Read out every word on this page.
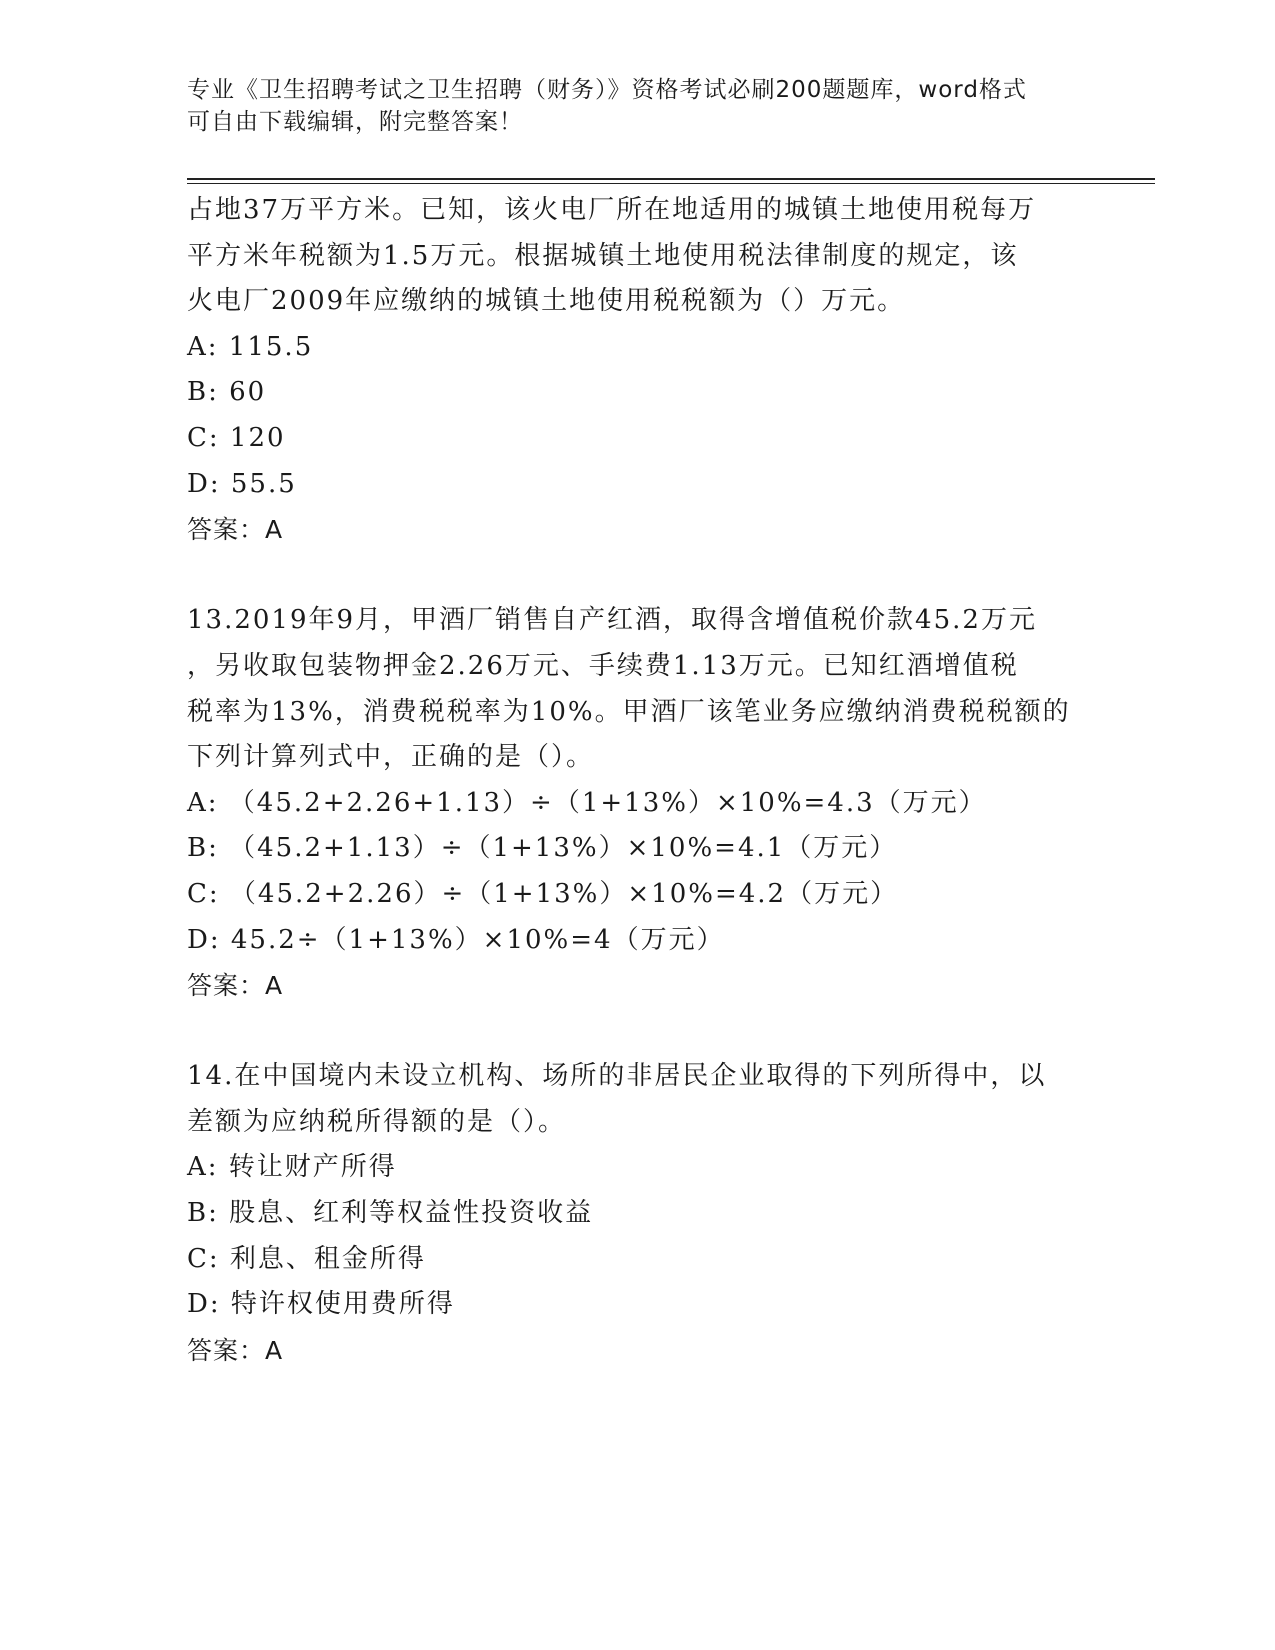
专业《卫生招聘考试之卫生招聘（财务）》资格考试必刷200题题库，word格式
可自由下载编辑，附完整答案！
占地37万平方米。已知，该火电厂所在地适用的城镇土地使用税每万
平方米年税额为1.5万元。根据城镇土地使用税法律制度的规定，该
火电厂2009年应缴纳的城镇土地使用税税额为（）万元。
A: 115.5
B: 60
C: 120
D: 55.5
答案：A
13.2019年9月，甲酒厂销售自产红酒，取得含增值税价款45.2万元
，另收取包装物押金2.26万元、手续费1.13万元。已知红酒增值税
税率为13%，消费税税率为10%。甲酒厂该笔业务应缴纳消费税税额的
下列计算列式中，正确的是（）。
A: （45.2+2.26+1.13）÷（1+13%）×10%=4.3（万元）
B: （45.2+1.13）÷（1+13%）×10%=4.1（万元）
C: （45.2+2.26）÷（1+13%）×10%=4.2（万元）
D: 45.2÷（1+13%）×10%=4（万元）
答案：A
14.在中国境内未设立机构、场所的非居民企业取得的下列所得中，以
差额为应纳税所得额的是（）。
A: 转让财产所得
B: 股息、红利等权益性投资收益
C: 利息、租金所得
D: 特许权使用费所得
答案：A
